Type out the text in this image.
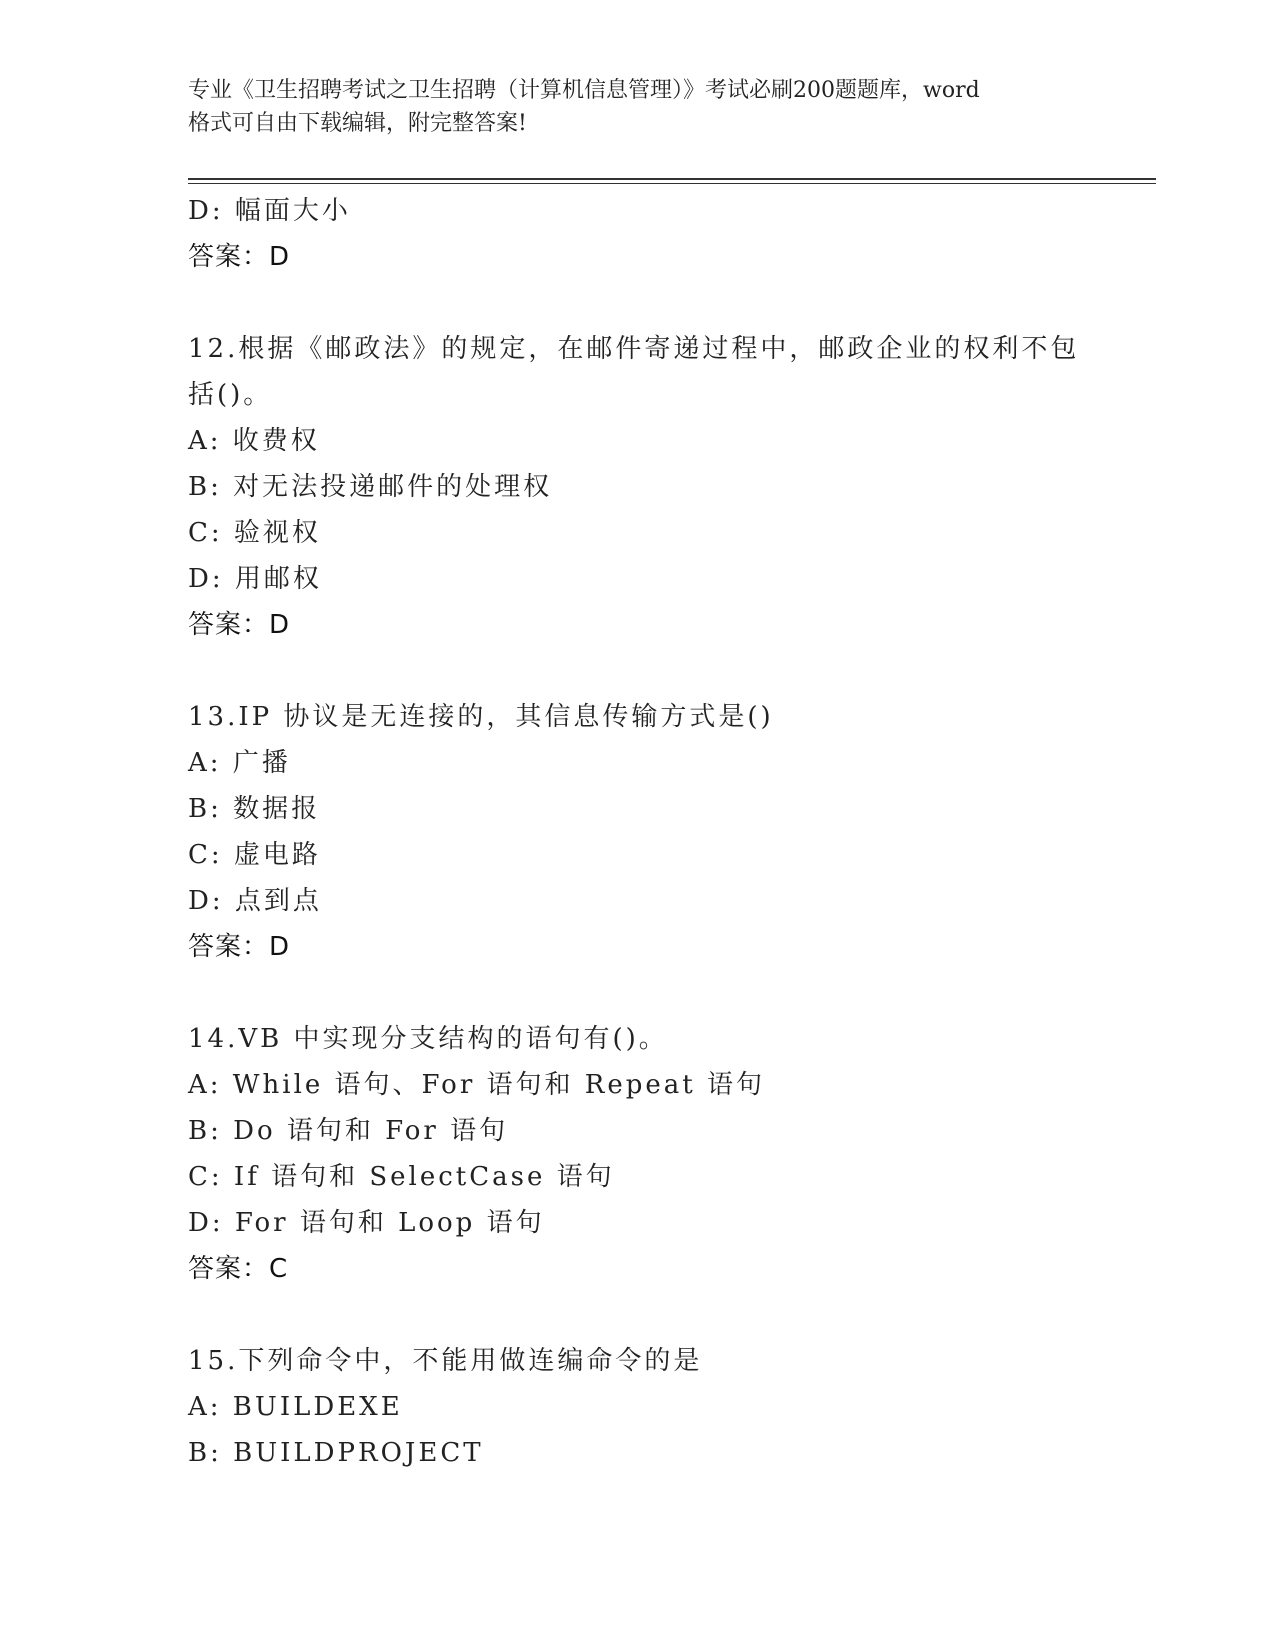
专业《卫生招聘考试之卫生招聘（计算机信息管理）》考试必刷200题题库，word
格式可自由下载编辑，附完整答案!
D: 幅面大小
答案：D
12.根据《邮政法》的规定，在邮件寄递过程中，邮政企业的权利不包
括()。
A: 收费权
B: 对无法投递邮件的处理权
C: 验视权
D: 用邮权
答案：D
13.IP 协议是无连接的，其信息传输方式是()
A: 广播
B: 数据报
C: 虚电路
D: 点到点
答案：D
14.VB 中实现分支结构的语句有()。
A: While 语句、For 语句和 Repeat 语句
B: Do 语句和 For 语句
C: If 语句和 SelectCase 语句
D: For 语句和 Loop 语句
答案：C
15.下列命令中，不能用做连编命令的是
A: BUILDEXE
B: BUILDPROJECT
